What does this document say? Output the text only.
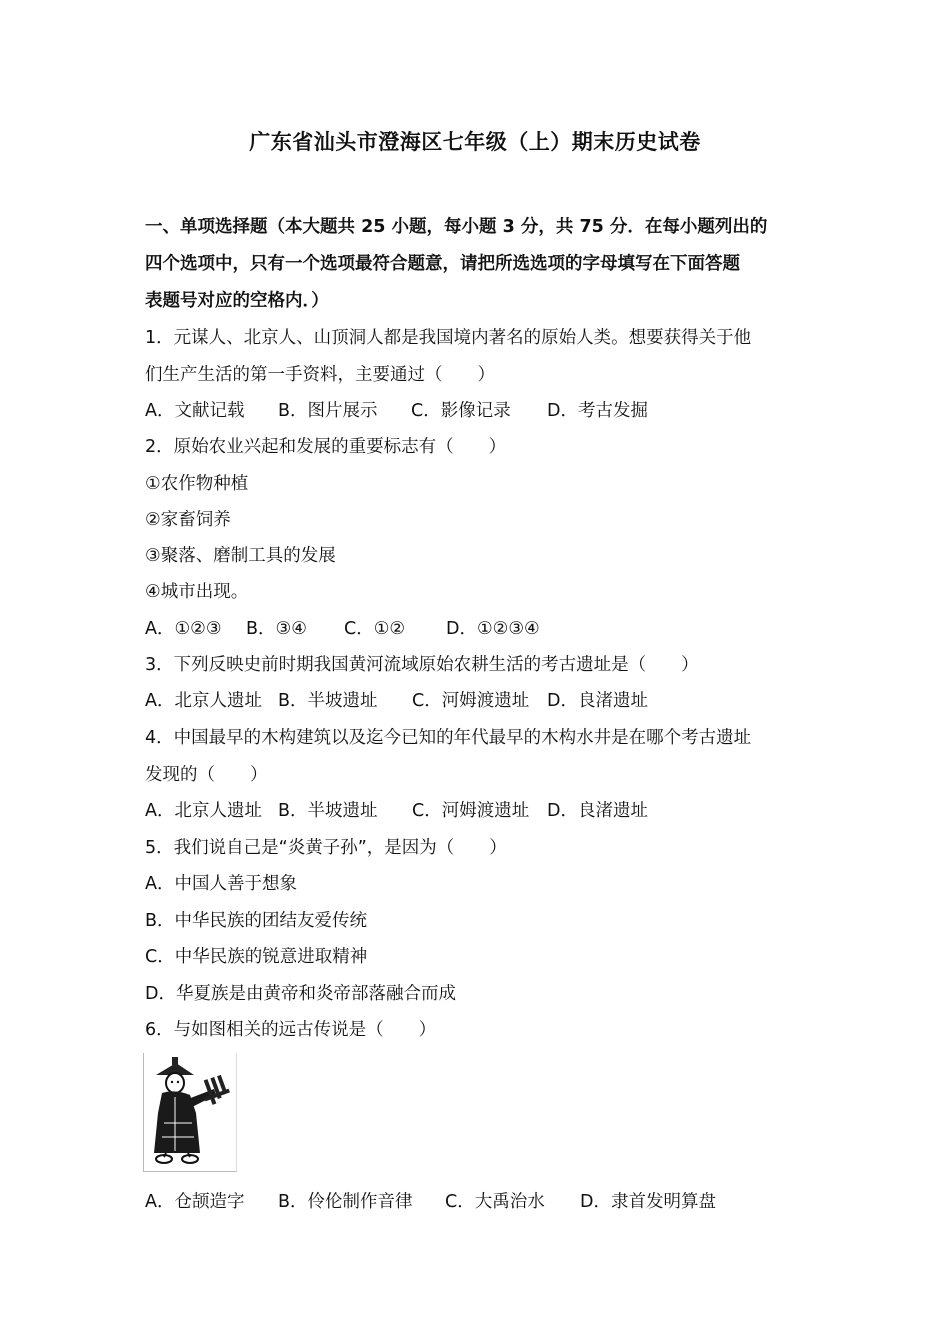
广东省汕头市澄海区七年级（上）期末历史试卷
一、单项选择题（本大题共 25 小题，每小题 3 分，共 75 分．在每小题列出的
四个选项中，只有一个选项最符合题意，请把所选选项的字母填写在下面答题
表题号对应的空格内．）
1．元谋人、北京人、山顶洞人都是我国境内著名的原始人类。想要获得关于他
们生产生活的第一手资料，主要通过（　　）
A．文献记载 B．图片展示 C．影像记录 D．考古发掘
2．原始农业兴起和发展的重要标志有（　　）
①农作物种植
②家畜饲养
③聚落、磨制工具的发展
④城市出现。
A．①②③ B．③④ C．①② D．①②③④
3．下列反映史前时期我国黄河流域原始农耕生活的考古遗址是（　　）
A．北京人遗址 B．半坡遗址 C．河姆渡遗址 D．良渚遗址
4．中国最早的木构建筑以及迄今已知的年代最早的木构水井是在哪个考古遗址
发现的（　　）
A．北京人遗址 B．半坡遗址 C．河姆渡遗址 D．良渚遗址
5．我们说自己是“炎黄子孙”，是因为（　　）
A．中国人善于想象
B．中华民族的团结友爱传统
C．中华民族的锐意进取精神
D．华夏族是由黄帝和炎帝部落融合而成
6．与如图相关的远古传说是（　　）
A．仓颉造字 B．伶伦制作音律 C．大禹治水 D．隶首发明算盘
